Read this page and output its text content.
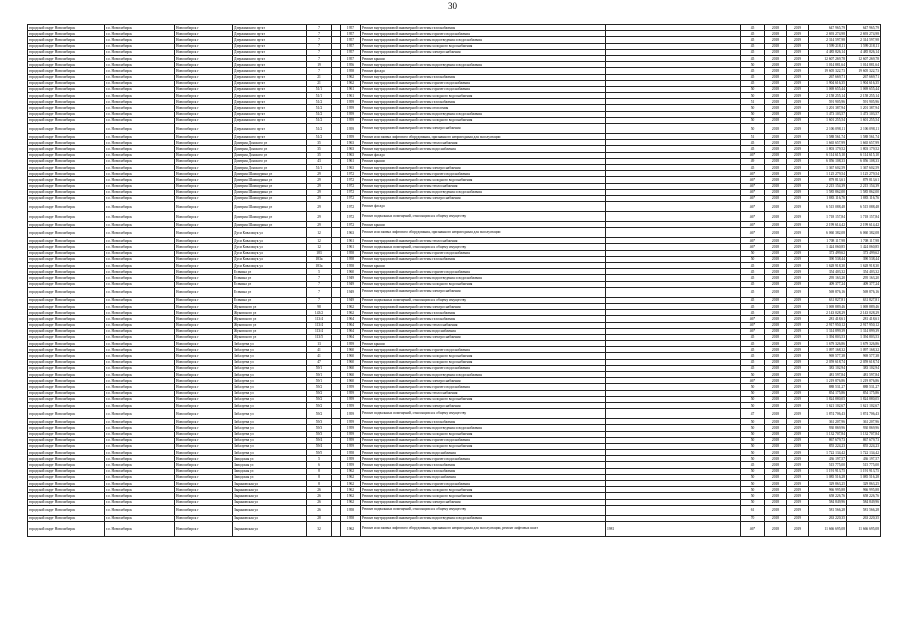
30
городской округ Новосибирск	г.о. Новосибирск	Новосибирск г	Дзержинского пр-кт	7		1957	Ремонт внутридомовой инженерной системы газоснабжения		45	2018	2019	647 965,79	647 965,79
городской округ Новосибирск	г.о. Новосибирск	Новосибирск г	Дзержинского пр-кт	7		1957	Ремонт внутридомовой инженерной системы горячего водоснабжения		45	2018	2019	2 693 274,98	2 693 274,98
городской округ Новосибирск	г.о. Новосибирск	Новосибирск г	Дзержинского пр-кт	7		1957	Ремонт внутридомовой инженерной системы водоотведения и водоснабжения		45	2018	2019	2 314 597,98	2 314 597,98
городской округ Новосибирск	г.о. Новосибирск	Новосибирск г	Дзержинского пр-кт	7		1957	Ремонт внутридомовой инженерной системы холодного водоснабжения		45	2018	2019	1 599 218,11	1 599 218,11
городской округ Новосибирск	г.о. Новосибирск	Новосибирск г	Дзержинского пр-кт	7		1957	Ремонт внутридомовой инженерной системы электроснабжения		45	2018	2019	4 485 826,14	4 485 826,14
городской округ Новосибирск	г.о. Новосибирск	Новосибирск г	Дзержинского пр-кт	7		1957	Ремонт крыши		45	2018	2019	12 607 269,78	12 607 269,78
городской округ Новосибирск	г.о. Новосибирск	Новосибирск г	Дзержинского пр-кт	19		1956	Ремонт внутридомовой инженерной системы водоотведения и водоснабжения		50	2018	2019	1 014 881,64	1 014 881,64
городской округ Новосибирск	г.о. Новосибирск	Новосибирск г	Дзержинского пр-кт	7		1958	Ремонт фасада		45	2018	2019	19 605 322,73	19 605 322,73
городской округ Новосибирск	г.о. Новосибирск	Новосибирск г	Дзержинского пр-кт	21		1962	Ремонт внутридомовой инженерной системы газоснабжения		45	2018	2019	267 669,71	267 669,71
городской округ Новосибирск	г.о. Новосибирск	Новосибирск г	Дзержинского пр-кт	21		1962	Ремонт внутридомовой инженерной системы горячего водоснабжения		45	2018	2019	1 904 616,35	1 904 616,35
городской округ Новосибирск	г.о. Новосибирск	Новосибирск г	Дзержинского пр-кт	51/1		1961	Ремонт внутридомовой инженерной системы горячего водоснабжения		50	2018	2019	1 069 655,44	1 069 655,44
городской округ Новосибирск	г.о. Новосибирск	Новосибирск г	Дзержинского пр-кт	51/1		1961	Ремонт внутридомовой инженерной системы холодного водоснабжения		50	2018	2019	2 158 255,14	2 158 255,14
городской округ Новосибирск	г.о. Новосибирск	Новосибирск г	Дзержинского пр-кт	51/2		1959	Ремонт внутридомовой инженерной системы газоснабжения		51	2018	2019	591 905,96	591 905,96
городской округ Новосибирск	г.о. Новосибирск	Новосибирск г	Дзержинского пр-кт	51/2		1959	Ремонт внутридомовой инженерной системы отопления		50	2018	2019	1 201 387,94	1 201 387,94
городской округ Новосибирск	г.о. Новосибирск	Новосибирск г	Дзержинского пр-кт	51/2		1959	Ремонт внутридомовой инженерной системы водоотведения и водоснабжения		50	2018	2019	1 473 103,57	1 473 103,57
городской округ Новосибирск	г.о. Новосибирск	Новосибирск г	Дзержинского пр-кт	51/2		1959	Ремонт внутридомовой инженерной системы холодного водоснабжения		50	2018	2019	1 601 255,54	1 601 255,54
городской округ Новосибирск	г.о. Новосибирск	Новосибирск г	Дзержинского пр-кт	51/2		1959	Ремонт внутридомовой инженерной системы электроснабжения		50	2018	2019	2 106 098,11	2 106 098,11
городской округ Новосибирск	г.о. Новосибирск	Новосибирск г	Дзержинского пр-кт	51/2		1959	Ремонт или замена лифтового оборудования, признанного непригодным для эксплуатации		51	2018	2019	1 588 561,74	1 588 561,74
городской округ Новосибирск	г.о. Новосибирск	Новосибирск г	Дмитрия Донского ул	35		1963	Ремонт внутридомовой инженерной системы теплоснабжения		45	2018	2019	1 665 657,99	1 665 657,99
городской округ Новосибирск	г.о. Новосибирск	Новосибирск г	Дмитрия Донского ул	35		1963	Ремонт внутридомовой инженерной системы водоснабжения		45	2018	2019	1 803 179,52	1 803 179,52
городской округ Новосибирск	г.о. Новосибирск	Новосибирск г	Дмитрия Донского ул	35		1963	Ремонт фасада		46*	2018	2019	6 114 615,10	6 114 615,10
городской округ Новосибирск	г.о. Новосибирск	Новосибирск г	Дмитрия Донского ул	43		1961	Ремонт крыши		49	2018	2019	6 056 108,33	6 056 108,33
городской округ Новосибирск	г.о. Новосибирск	Новосибирск г	Дмитрия Донского ул	51/1		1963	Ремонт внутридомовой инженерной системы электроснабжения		45	2018	2019	1 367 602,59	1 367 602,59
городской округ Новосибирск	г.о. Новосибирск	Новосибирск г	Дмитрия Шамшурина ул	29		1972	Ремонт внутридомовой инженерной системы горячего водоснабжения		46*	2018	2019	1 125 279,54	1 125 279,54
городской округ Новосибирск	г.о. Новосибирск	Новосибирск г	Дмитрия Шамшурина ул	29		1972	Ремонт внутридомовой инженерной системы холодного водоснабжения		46*	2018	2019	879 813,61	879 813,61
городской округ Новосибирск	г.о. Новосибирск	Новосибирск г	Дмитрия Шамшурина ул	29		1972	Ремонт внутридомовой инженерной системы теплоснабжения		46*	2018	2019	2 215 154,39	2 215 154,39
городской округ Новосибирск	г.о. Новосибирск	Новосибирск г	Дмитрия Шамшурина ул	29		1972	Ремонт внутридомовой инженерной системы водоотведения и водоснабжения		46*	2018	2019	1 585 862,00	1 585 862,00
городской округ Новосибирск	г.о. Новосибирск	Новосибирск г	Дмитрия Шамшурина ул	29		1972	Ремонт внутридомовой инженерной системы электроснабжения		46*	2018	2019	1 883 116,76	1 883 116,76
городской округ Новосибирск	г.о. Новосибирск	Новосибирск г	Дмитрия Шамшурина ул	29		1972	Ремонт фасада		46*	2018	2019	6 515 088,48	6 515 088,48
городской округ Новосибирск	г.о. Новосибирск	Новосибирск г	Дмитрия Шамшурина ул	29		1972	Ремонт подвальных помещений, относящихся к общему имуществу		46*	2018	2019	1 718 157,84	1 718 157,84
городской округ Новосибирск	г.о. Новосибирск	Новосибирск г	Дмитрия Шамшурина ул	29		1972	Ремонт крыши		46*	2018	2019	2 199 614,42	2 199 614,42
городской округ Новосибирск	г.о. Новосибирск	Новосибирск г	Дуси Ковальчук ул	12		1963	Ремонт или замена лифтового оборудования, признанного непригодным для эксплуатации		46*	2018	2019	6 060 382,08	6 060 382,08
городской округ Новосибирск	г.о. Новосибирск	Новосибирск г	Дуси Ковальчук ул	12		1961	Ремонт внутридомовой инженерной системы теплоснабжения		46*	2018	2019	1 708 117,98	1 708 117,98
городской округ Новосибирск	г.о. Новосибирск	Новосибирск г	Дуси Ковальчук ул	12		1961	Ремонт подвальных помещений, относящихся к общему имуществу		46*	2018	2019	1 424 060,85	1 424 060,85
городской округ Новосибирск	г.о. Новосибирск	Новосибирск г	Дуси Ковальчук ул	183		1958	Ремонт внутридомовой инженерной системы горячего водоснабжения		50	2018	2019	373 499,62	373 499,62
городской округ Новосибирск	г.о. Новосибирск	Новосибирск г	Дуси Ковальчук ул	183а		1958	Ремонт внутридомовой инженерной системы газоснабжения		50	2018	2019	390 538,44	390 538,44
городской округ Новосибирск	г.о. Новосибирск	Новосибирск г	Дуси Ковальчук ул	183а		1958	Ремонт крыши		45	2018	2019	1 628 918,30	1 628 918,30
городской округ Новосибирск	г.о. Новосибирск	Новосибирск г	Есенина ул	5		1960	Ремонт внутридомовой инженерной системы горячего водоснабжения		45	2018	2019	354 403,32	354 403,32
городской округ Новосибирск	г.о. Новосибирск	Новосибирск г	Есенина ул	7		1949	Ремонт внутридомовой инженерной системы водоотведения и водоснабжения		45	2018	2019	295 163,20	295 163,20
городской округ Новосибирск	г.о. Новосибирск	Новосибирск г	Есенина ул	7		1949	Ремонт внутридомовой инженерной системы холодного водоснабжения		45	2018	2019	409 377,24	409 377,24
городской округ Новосибирск	г.о. Новосибирск	Новосибирск г	Есенина ул	7		1949	Ремонт внутридомовой инженерной системы электроснабжения		45	2018	2019	569 876,16	569 876,16
городской округ Новосибирск	г.о. Новосибирск	Новосибирск г	Есенина ул	7		1949	Ремонт подвальных помещений, относящихся к общему имуществу		45	2018	2019	631 827,81	631 827,81
городской округ Новосибирск	г.о. Новосибирск	Новосибирск г	Жуковского ул	98		1962	Ремонт внутридомовой инженерной системы электроснабжения		45	2018	2019	1 069 889,46	1 069 889,46
городской округ Новосибирск	г.о. Новосибирск	Новосибирск г	Жуковского ул	143/2		1962	Ремонт внутридомовой инженерной системы газоснабжения		45	2018	2019	2 143 028,29	2 143 028,29
городской округ Новосибирск	г.о. Новосибирск	Новосибирск г	Жуковского ул	113/4		1964	Ремонт внутридомовой инженерной системы газоснабжения		46*	2018	2019	281 418,61	281 418,61
городской округ Новосибирск	г.о. Новосибирск	Новосибирск г	Жуковского ул	113/4		1964	Ремонт внутридомовой инженерной системы теплоснабжения		46*	2018	2019	2 917 950,12	2 917 950,12
городской округ Новосибирск	г.о. Новосибирск	Новосибирск г	Жуковского ул	113/4		1964	Ремонт внутридомовой инженерной системы водоснабжения		46*	2018	2019	1 314 899,39	1 314 899,39
городской округ Новосибирск	г.о. Новосибирск	Новосибирск г	Жуковского ул	113/5		1964	Ремонт внутридомовой инженерной системы электроснабжения		45	2018	2019	1 394 803,53	1 394 803,53
городской округ Новосибирск	г.о. Новосибирск	Новосибирск г	Забалуева ул	13		1959	Ремонт крыши		45	2018	2019	1 679 326,86	1 679 326,86
городской округ Новосибирск	г.о. Новосибирск	Новосибирск г	Забалуева ул	41		1960	Ремонт внутридомовой инженерной системы горячего водоснабжения		45	2018	2019	1 097 168,32	1 097 168,32
городской округ Новосибирск	г.о. Новосибирск	Новосибирск г	Забалуева ул	41		1960	Ремонт внутридомовой инженерной системы холодного водоснабжения		45	2018	2019	969 577,38	969 577,38
городской округ Новосибирск	г.о. Новосибирск	Новосибирск г	Забалуева ул	47		1960	Ремонт внутридомовой инженерной системы холодного водоснабжения		45	2018	2019	2 059 618,74	2 059 618,74
городской округ Новосибирск	г.о. Новосибирск	Новосибирск г	Забалуева ул	59/1		1960	Ремонт внутридомовой инженерной системы горячего водоснабжения		45	2018	2019	383 102,94	383 102,94
городской округ Новосибирск	г.о. Новосибирск	Новосибирск г	Забалуева ул	59/1		1960	Ремонт внутридомовой инженерной системы водоотведения и водоснабжения		50	2018	2019	481 597,84	481 597,84
городской округ Новосибирск	г.о. Новосибирск	Новосибирск г	Забалуева ул	59/1		1960	Ремонт внутридомовой инженерной системы электроснабжения		46*	2018	2019	1 219 876,86	1 219 876,86
городской округ Новосибирск	г.о. Новосибирск	Новосибирск г	Забалуева ул	59/2		1959	Ремонт внутридомовой инженерной системы горячего водоснабжения		50	2018	2019	888 531,27	888 531,27
городской округ Новосибирск	г.о. Новосибирск	Новосибирск г	Забалуева ул	59/2		1959	Ремонт внутридомовой инженерной системы теплоснабжения		50	2018	2019	854 175,86	854 175,86
городской округ Новосибирск	г.о. Новосибирск	Новосибирск г	Забалуева ул	59/2		1959	Ремонт внутридомовой инженерной системы холодного водоснабжения		50	2018	2019	1 824 880,05	1 824 880,05
городской округ Новосибирск	г.о. Новосибирск	Новосибирск г	Забалуева ул	59/2		1959	Ремонт внутридомовой инженерной системы электроснабжения		50	2018	2019	1 621 102,67	1 621 102,67
городской округ Новосибирск	г.о. Новосибирск	Новосибирск г	Забалуева ул	59/2		1959	Ремонт подвальных помещений, относящихся к общему имуществу		47	2018	2019	1 874 706,43	1 874 706,43
городской округ Новосибирск	г.о. Новосибирск	Новосибирск г	Забалуева ул	59/3		1959	Ремонт внутридомовой инженерной системы газоснабжения		50	2018	2019	361 207,96	361 207,96
городской округ Новосибирск	г.о. Новосибирск	Новосибирск г	Забалуева ул	59/3		1959	Ремонт внутридомовой инженерной системы водоотведения и водоснабжения		50	2018	2019	930 869,96	930 869,96
городской округ Новосибирск	г.о. Новосибирск	Новосибирск г	Забалуева ул	59/3		1959	Ремонт внутридомовой инженерной системы холодного водоснабжения		50	2018	2019	1 132 707,84	1 132 707,84
городской округ Новосибирск	г.о. Новосибирск	Новосибирск г	Забалуева ул	59/4		1959	Ремонт внутридомовой инженерной системы горячего водоснабжения		50	2018	2019	867 679,73	867 679,73
городской округ Новосибирск	г.о. Новосибирск	Новосибирск г	Забалуева ул	59/4		1959	Ремонт внутридомовой инженерной системы холодного водоснабжения		50	2018	2019	855 224,23	855 224,23
городской округ Новосибирск	г.о. Новосибирск	Новосибирск г	Забалуева ул	59/5		1958	Ремонт внутридомовой инженерной системы водоснабжения		50	2018	2019	1 722 134,42	1 722 134,42
городской округ Новосибирск	г.о. Новосибирск	Новосибирск г	Заводская ул	5		1959	Ремонт внутридомовой инженерной системы горячего водоснабжения		50	2018	2019	436 197,57	436 197,57
городской округ Новосибирск	г.о. Новосибирск	Новосибирск г	Заводская ул	6		1959	Ремонт внутридомовой инженерной системы газоснабжения		45	2018	2019	515 775,00	515 775,00
городской округ Новосибирск	г.о. Новосибирск	Новосибирск г	Заводская ул	8		1962	Ремонт внутридомовой инженерной системы газоснабжения		50	2018	2019	1 191 913,75	1 191 913,75
городской округ Новосибирск	г.о. Новосибирск	Новосибирск г	Заводская ул	8		1962	Ремонт внутридомовой инженерной системы водоснабжения		50	2018	2019	1 085 516,28	1 085 516,28
городской округ Новосибирск	г.о. Новосибирск	Новосибирск г	Зыряновская ул	8		1962	Ремонт внутридомовой инженерной системы горячего водоснабжения		50	2018	2019	329 863,25	329 863,25
городской округ Новосибирск	г.о. Новосибирск	Новосибирск г	Зыряновская ул	26		1962	Ремонт внутридомовой инженерной системы холодного водоснабжения		50	2018	2019	966 995,88	966 995,88
городской округ Новосибирск	г.о. Новосибирск	Новосибирск г	Зыряновская ул	26		1962	Ремонт внутридомовой инженерной системы холодного водоснабжения		50	2018	2019	658 226,76	658 226,76
городской округ Новосибирск	г.о. Новосибирск	Новосибирск г	Зыряновская ул	26		1962	Ремонт внутридомовой инженерной системы электроснабжения		50	2018	2019	584 849,96	584 849,96
городской округ Новосибирск	г.о. Новосибирск	Новосибирск г	Зыряновская ул	26		1958	Ремонт подвальных помещений, относящихся к общему имуществу		61	2018	2019	581 566,28	581 566,28
городской округ Новосибирск	г.о. Новосибирск	Новосибирск г	Зыряновская ул	28		1958	Ремонт внутридомовой инженерной системы водоотведения и водоснабжения		70	2018	2019	263 220,35	263 220,35
городской округ Новосибирск	г.о. Новосибирск	Новосибирск г	Зыряновская ул	32		1962	Ремонт или замена лифтового оборудования, признанного непригодным для эксплуатации, ремонт лифтовых шахт	1981	46*	2018	2019	11 666 695,08	11 666 695,08
